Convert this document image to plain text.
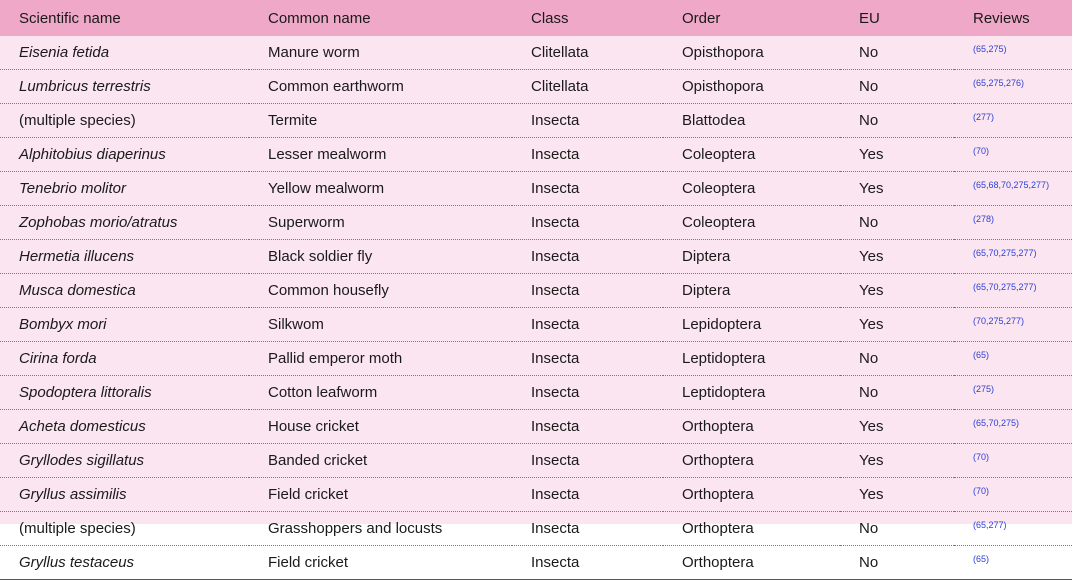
Scientific name	Common name	Class	Order	EU	Reviews
Eisenia fetida	Manure worm	Clitellata	Opisthopora	No	(65,275)
Lumbricus terrestris	Common earthworm	Clitellata	Opisthopora	No	(65,275,276)
(multiple species)	Termite	Insecta	Blattodea	No	(277)
Alphitobius diaperinus	Lesser mealworm	Insecta	Coleoptera	Yes	(70)
Tenebrio molitor	Yellow mealworm	Insecta	Coleoptera	Yes	(65,68,70,275,277)
Zophobas morio/atratus	Superworm	Insecta	Coleoptera	No	(278)
Hermetia illucens	Black soldier fly	Insecta	Diptera	Yes	(65,70,275,277)
Musca domestica	Common housefly	Insecta	Diptera	Yes	(65,70,275,277)
Bombyx mori	Silkwom	Insecta	Lepidoptera	Yes	(70,275,277)
Cirina forda	Pallid emperor moth	Insecta	Leptidoptera	No	(65)
Spodoptera littoralis	Cotton leafworm	Insecta	Leptidoptera	No	(275)
Acheta domesticus	House cricket	Insecta	Orthoptera	Yes	(65,70,275)
Gryllodes sigillatus	Banded cricket	Insecta	Orthoptera	Yes	(70)
Gryllus assimilis	Field cricket	Insecta	Orthoptera	Yes	(70)
(multiple species)	Grasshoppers and locusts	Insecta	Orthoptera	No	(65,277)
Gryllus testaceus	Field cricket	Insecta	Orthoptera	No	(65)
